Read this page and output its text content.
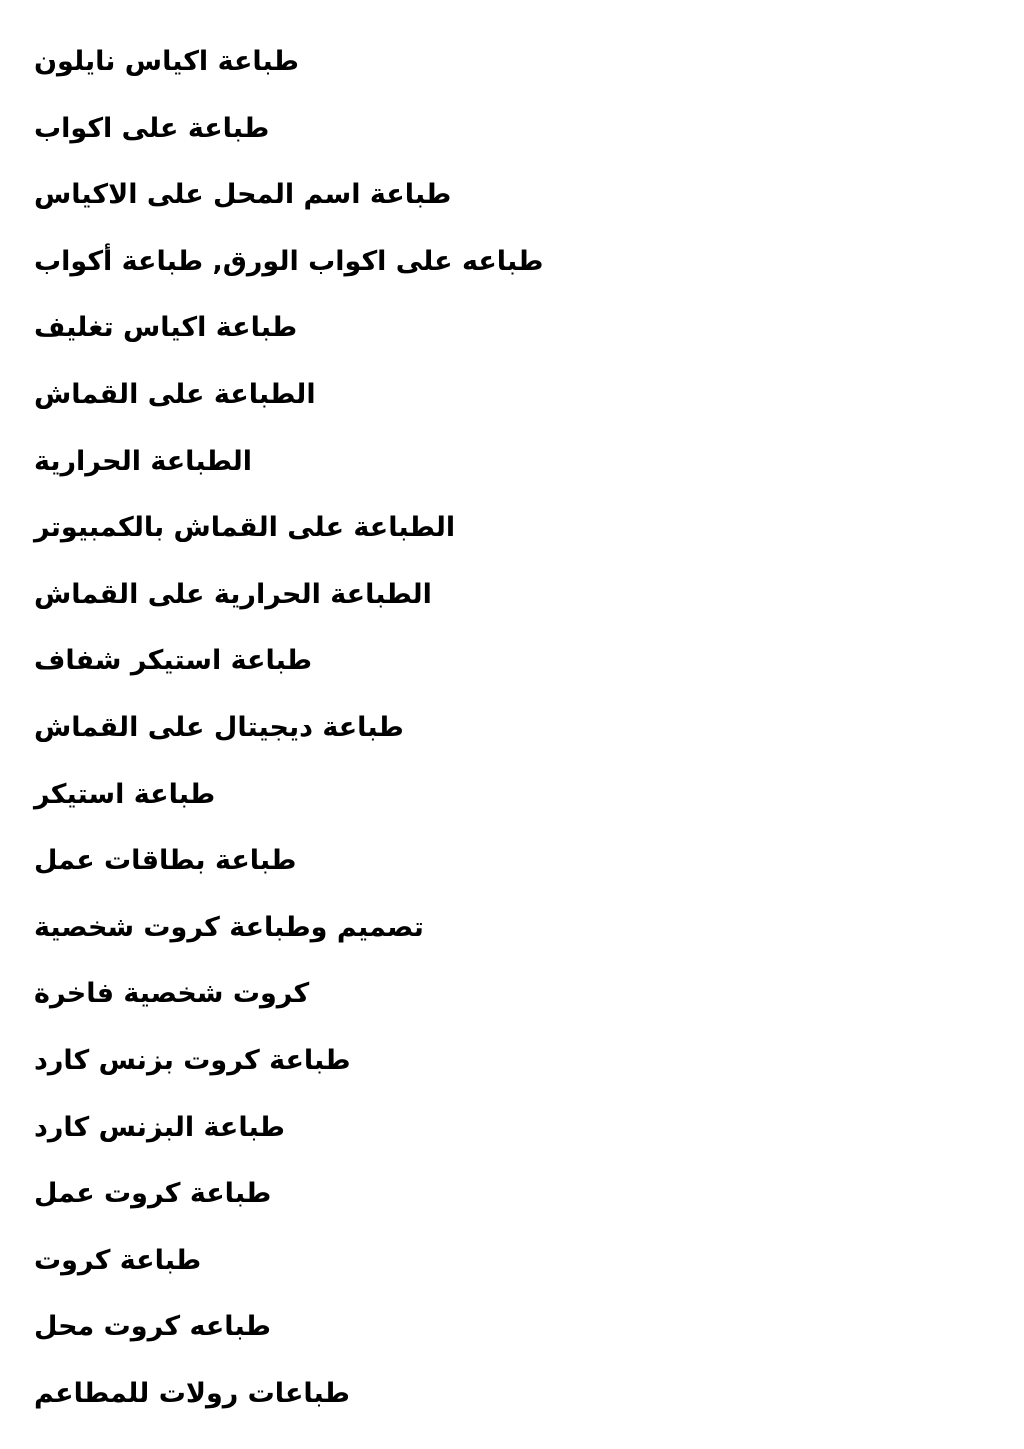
طباعة اكياس نايلون
طباعة على اكواب
طباعة اسم المحل على الاكياس
طباعه على اكواب الورق, طباعة أكواب
طباعة اكياس تغليف
الطباعة على القماش
الطباعة الحرارية
الطباعة على القماش بالكمبيوتر
الطباعة الحرارية على القماش
طباعة استيكر شفاف
طباعة ديجيتال على القماش
طباعة استيكر
طباعة بطاقات عمل
تصميم وطباعة كروت شخصية
كروت شخصية فاخرة
طباعة كروت بزنس كارد
طباعة البزنس كارد
طباعة كروت عمل
طباعة كروت
طباعه كروت محل
طباعات رولات للمطاعم
